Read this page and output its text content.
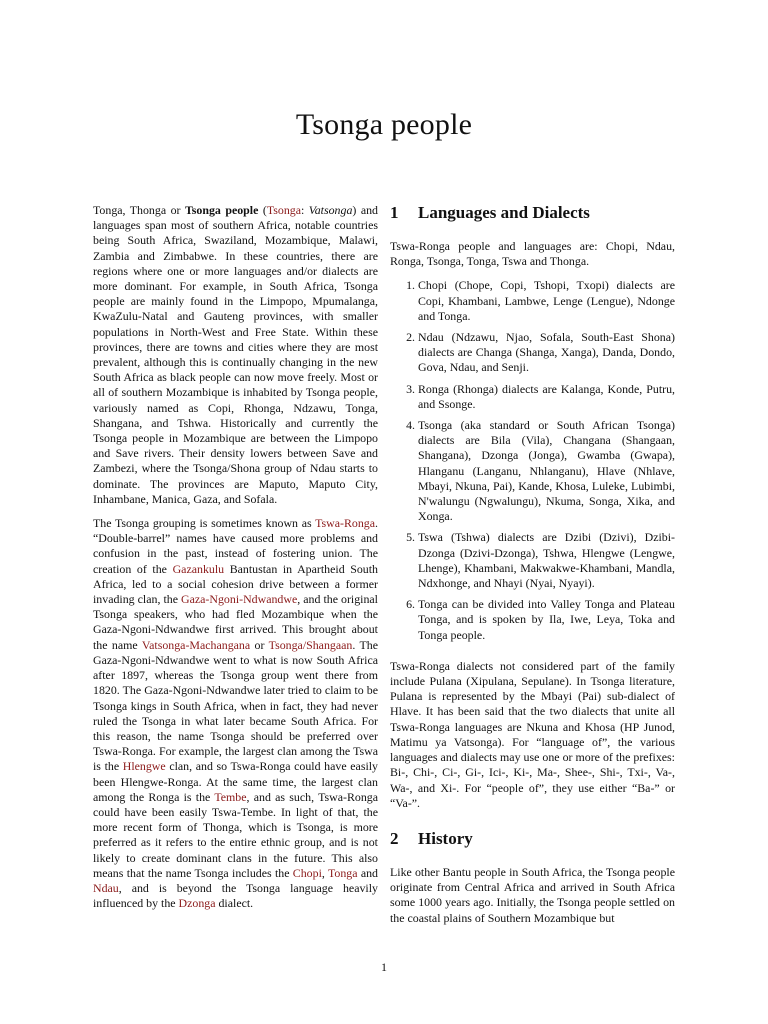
Tsonga people

Tonga, Thonga or Tsonga people (Tsonga: Vatsonga) and languages span most of southern Africa, notable countries being South Africa, Swaziland, Mozambique, Malawi, Zambia and Zimbabwe. In these countries, there are regions where one or more languages and/or dialects are more dominant. For example, in South Africa, Tsonga people are mainly found in the Limpopo, Mpumalanga, KwaZulu-Natal and Gauteng provinces, with smaller populations in North-West and Free State. Within these provinces, there are towns and cities where they are most prevalent, although this is continually changing in the new South Africa as black people can now move freely. Most or all of southern Mozambique is inhabited by Tsonga people, variously named as Copi, Rhonga, Ndzawu, Tonga, Shangana, and Tshwa. Historically and currently the Tsonga people in Mozambique are between the Limpopo and Save rivers. Their density lowers between Save and Zambezi, where the Tsonga/Shona group of Ndau starts to dominate. The provinces are Maputo, Maputo City, Inhambane, Manica, Gaza, and Sofala.

The Tsonga grouping is sometimes known as Tswa-Ronga. “Double-barrel” names have caused more problems and confusion in the past, instead of fostering union. The creation of the Gazankulu Bantustan in Apartheid South Africa, led to a social cohesion drive between a former invading clan, the Gaza-Ngoni-Ndwandwe, and the original Tsonga speakers, who had fled Mozambique when the Gaza-Ngoni-Ndwandwe first arrived. This brought about the name Vatsonga-Machangana or Tsonga/Shangaan. The Gaza-Ngoni-Ndwandwe went to what is now South Africa after 1897, whereas the Tsonga group went there from 1820. The Gaza-Ngoni-Ndwandwe later tried to claim to be Tsonga kings in South Africa, when in fact, they had never ruled the Tsonga in what later became South Africa. For this reason, the name Tsonga should be preferred over Tswa-Ronga. For example, the largest clan among the Tswa is the Hlengwe clan, and so Tswa-Ronga could have easily been Hlengwe-Ronga. At the same time, the largest clan among the Ronga is the Tembe, and as such, Tswa-Ronga could have been easily Tswa-Tembe. In light of that, the more recent form of Thonga, which is Tsonga, is more preferred as it refers to the entire ethnic group, and is not likely to create dominant clans in the future. This also means that the name Tsonga includes the Chopi, Tonga and Ndau, and is beyond the Tsonga language heavily influenced by the Dzonga dialect.

1	Languages and Dialects

Tswa-Ronga people and languages are: Chopi, Ndau, Ronga, Tsonga, Tonga, Tswa and Thonga.

1. Chopi (Chope, Copi, Tshopi, Txopi) dialects are Copi, Khambani, Lambwe, Lenge (Lengue), Ndonge and Tonga.
2. Ndau (Ndzawu, Njao, Sofala, South-East Shona) dialects are Changa (Shanga, Xanga), Danda, Dondo, Gova, Ndau, and Senji.
3. Ronga (Rhonga) dialects are Kalanga, Konde, Putru, and Ssonge.
4. Tsonga (aka standard or South African Tsonga) dialects are Bila (Vila), Changana (Shangaan, Shangana), Dzonga (Jonga), Gwamba (Gwapa), Hlanganu (Langanu, Nhlanganu), Hlave (Nhlave, Mbayi, Nkuna, Pai), Kande, Khosa, Luleke, Lubimbi, N'walungu (Ngwalungu), Nkuma, Songa, Xika, and Xonga.
5. Tswa (Tshwa) dialects are Dzibi (Dzivi), Dzibi-Dzonga (Dzivi-Dzonga), Tshwa, Hlengwe (Lengwe, Lhenge), Khambani, Makwakwe-Khambani, Mandla, Ndxhonge, and Nhayi (Nyai, Nyayi).
6. Tonga can be divided into Valley Tonga and Plateau Tonga, and is spoken by Ila, Iwe, Leya, Toka and Tonga people.

Tswa-Ronga dialects not considered part of the family include Pulana (Xipulana, Sepulane). In Tsonga literature, Pulana is represented by the Mbayi (Pai) sub-dialect of Hlave. It has been said that the two dialects that unite all Tswa-Ronga languages are Nkuna and Khosa (HP Junod, Matimu ya Vatsonga). For “language of”, the various languages and dialects may use one or more of the prefixes: Bi-, Chi-, Ci-, Gi-, Ici-, Ki-, Ma-, Shee-, Shi-, Txi-, Va-, Wa-, and Xi-. For “people of”, they use either “Ba-” or “Va-”.

2	History

Like other Bantu people in South Africa, the Tsonga people originate from Central Africa and arrived in South Africa some 1000 years ago. Initially, the Tsonga people settled on the coastal plains of Southern Mozambique but

1
